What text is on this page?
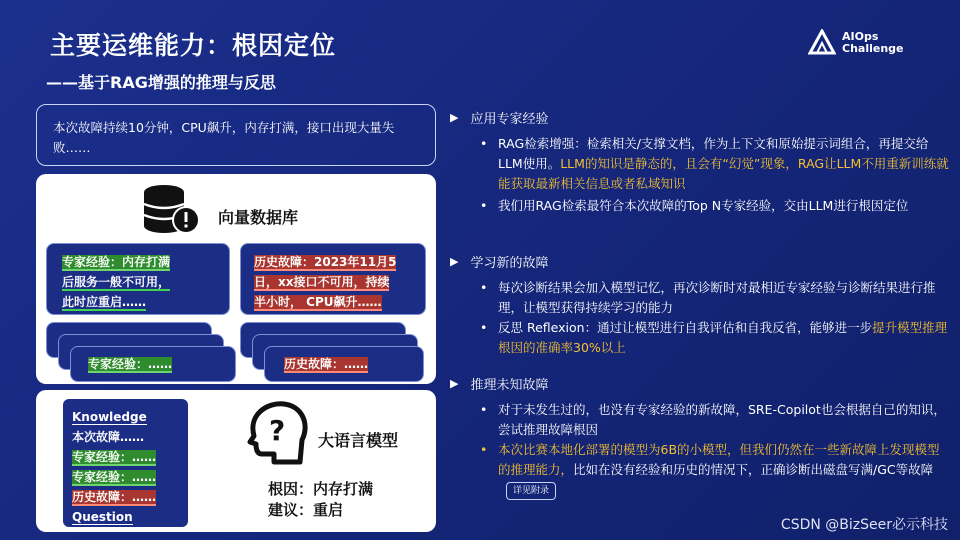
主要运维能力：根因定位
——基于RAG增强的推理与反思
AIOps
Challenge
本次故障持续10分钟，CPU飙升，内存打满，接口出现大量失败……
向量数据库
专家经验：……
专家经验：内存打满
后服务一般不可用，
此时应重启……
历史故障：……
历史故障：2023年11月5
日，xx接口不可用，持续
半小时， CPU飙升……
Knowledge
本次故障……
专家经验：……
专家经验：……
历史故障：……
Question
? 大语言模型
根因：内存打满
建议：重启
▶ 应用专家经验
• RAG检索增强：检索相关/支撑文档，作为上下文和原始提示词组合，再提交给LLM使用。LLM的知识是静态的，且会有“幻觉”现象，RAG让LLM不用重新训练就能获取最新相关信息或者私域知识
• 我们用RAG检索最符合本次故障的Top N专家经验，交由LLM进行根因定位
▶ 学习新的故障
• 每次诊断结果会加入模型记忆，再次诊断时对最相近专家经验与诊断结果进行推理，让模型获得持续学习的能力
• 反思 Reflexion：通过让模型进行自我评估和自我反省，能够进一步提升模型推理根因的准确率30%以上
▶ 推理未知故障
• 对于未发生过的，也没有专家经验的新故障，SRE-Copilot也会根据自己的知识，尝试推理故障根因
• 本次比赛本地化部署的模型为6B的小模型，但我们仍然在一些新故障上发现模型的推理能力，比如在没有经验和历史的情况下，正确诊断出磁盘写满/GC等故障详见附录
CSDN @BizSeer必示科技
